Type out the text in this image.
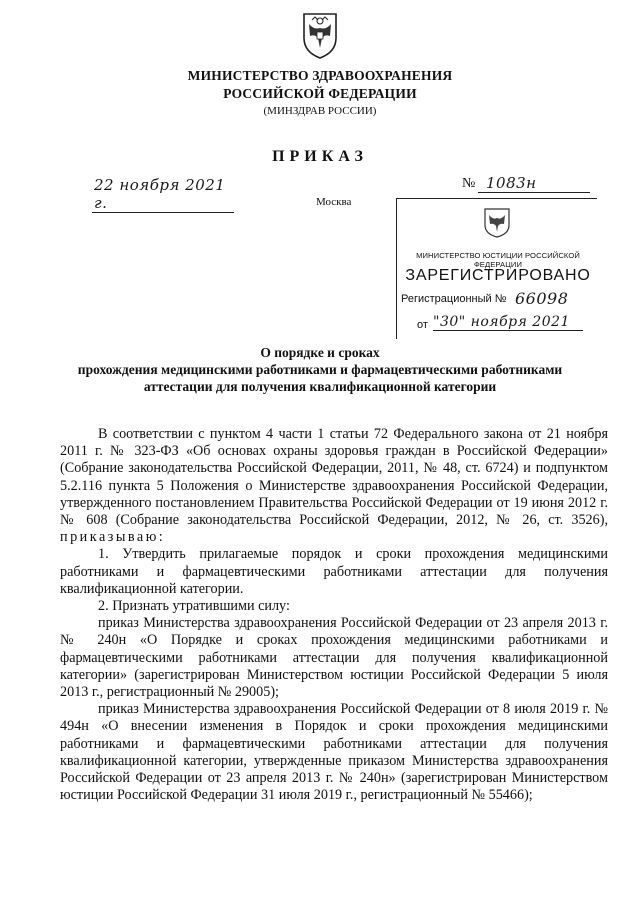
МИНИСТЕРСТВО ЗДРАВООХРАНЕНИЯ
РОССИЙСКОЙ ФЕДЕРАЦИИ
(МИНЗДРАВ РОССИИ)
ПРИКАЗ
22 ноября 2021 г.
№ 1083н
Москва
МИНИСТЕРСТВО ЮСТИЦИИ РОССИЙСКОЙ ФЕДЕРАЦИИ
ЗАРЕГИСТРИРОВАНО
Регистрационный № 66098
от "30" ноября 2021
О порядке и сроках
прохождения медицинскими работниками и фармацевтическими работниками
аттестации для получения квалификационной категории

В соответствии с пунктом 4 части 1 статьи 72 Федерального закона от 21 ноября 2011 г. № 323-ФЗ «Об основах охраны здоровья граждан в Российской Федерации» (Собрание законодательства Российской Федерации, 2011, № 48, ст. 6724) и подпунктом 5.2.116 пункта 5 Положения о Министерстве здравоохранения Российской Федерации, утвержденного постановлением Правительства Российской Федерации от 19 июня 2012 г. № 608 (Собрание законодательства Российской Федерации, 2012, № 26, ст. 3526), приказываю:

1. Утвердить прилагаемые порядок и сроки прохождения медицинскими работниками и фармацевтическими работниками аттестации для получения квалификационной категории.

2. Признать утратившими силу:

приказ Министерства здравоохранения Российской Федерации от 23 апреля 2013 г. № 240н «О Порядке и сроках прохождения медицинскими работниками и фармацевтическими работниками аттестации для получения квалификационной категории» (зарегистрирован Министерством юстиции Российской Федерации 5 июля 2013 г., регистрационный № 29005);

приказ Министерства здравоохранения Российской Федерации от 8 июля 2019 г. № 494н «О внесении изменения в Порядок и сроки прохождения медицинскими работниками и фармацевтическими работниками аттестации для получения квалификационной категории, утвержденные приказом Министерства здравоохранения Российской Федерации от 23 апреля 2013 г. № 240н» (зарегистрирован Министерством юстиции Российской Федерации 31 июля 2019 г., регистрационный № 55466);
